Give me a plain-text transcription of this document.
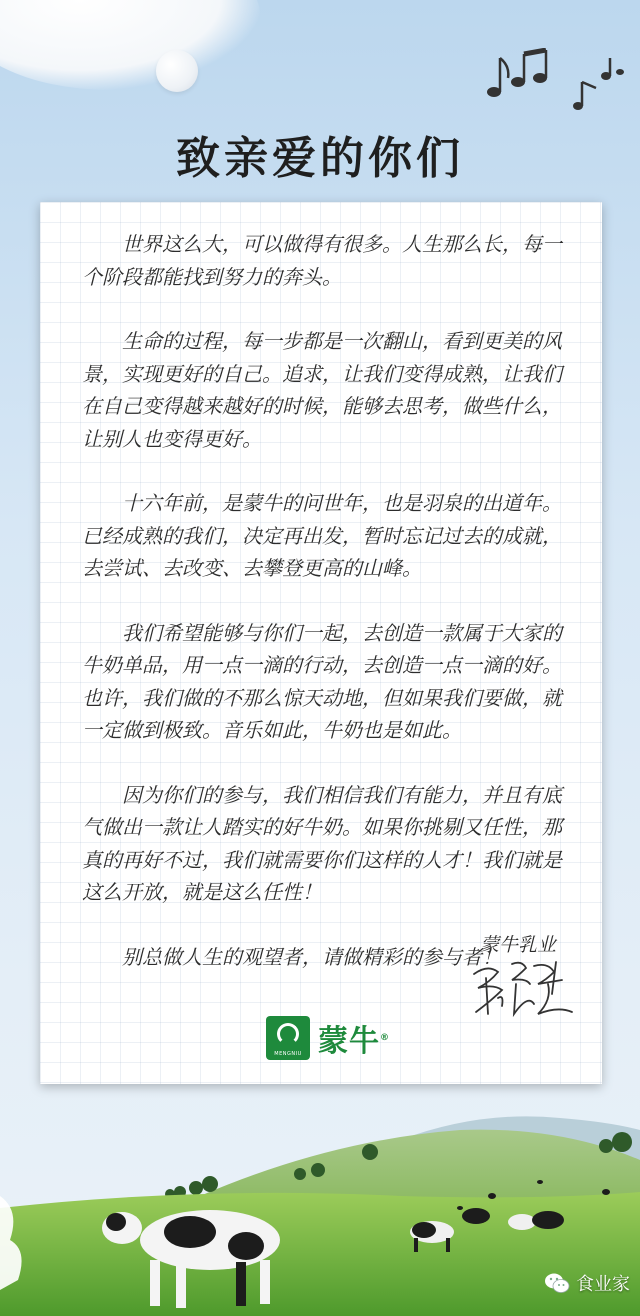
致亲爱的你们

世界这么大，可以做得有很多。人生那么长，每一个阶段都能找到努力的奔头。

生命的过程，每一步都是一次翻山，看到更美的风景，实现更好的自己。追求，让我们变得成熟，让我们在自己变得越来越好的时候，能够去思考，做些什么，让别人也变得更好。

十六年前，是蒙牛的问世年，也是羽泉的出道年。已经成熟的我们，决定再出发，暂时忘记过去的成就，去尝试、去改变、去攀登更高的山峰。

我们希望能够与你们一起，去创造一款属于大家的牛奶单品，用一点一滴的行动，去创造一点一滴的好。也许，我们做的不那么惊天动地，但如果我们要做，就一定做到极致。音乐如此，牛奶也是如此。

因为你们的参与，我们相信我们有能力，并且有底气做出一款让人踏实的好牛奶。如果你挑剔又任性，那真的再好不过，我们就需要你们这样的人才！我们就是这么开放，就是这么任性！

别总做人生的观望者，请做精彩的参与者！

蒙牛乳业
MENGNIU 蒙牛®
食业家
